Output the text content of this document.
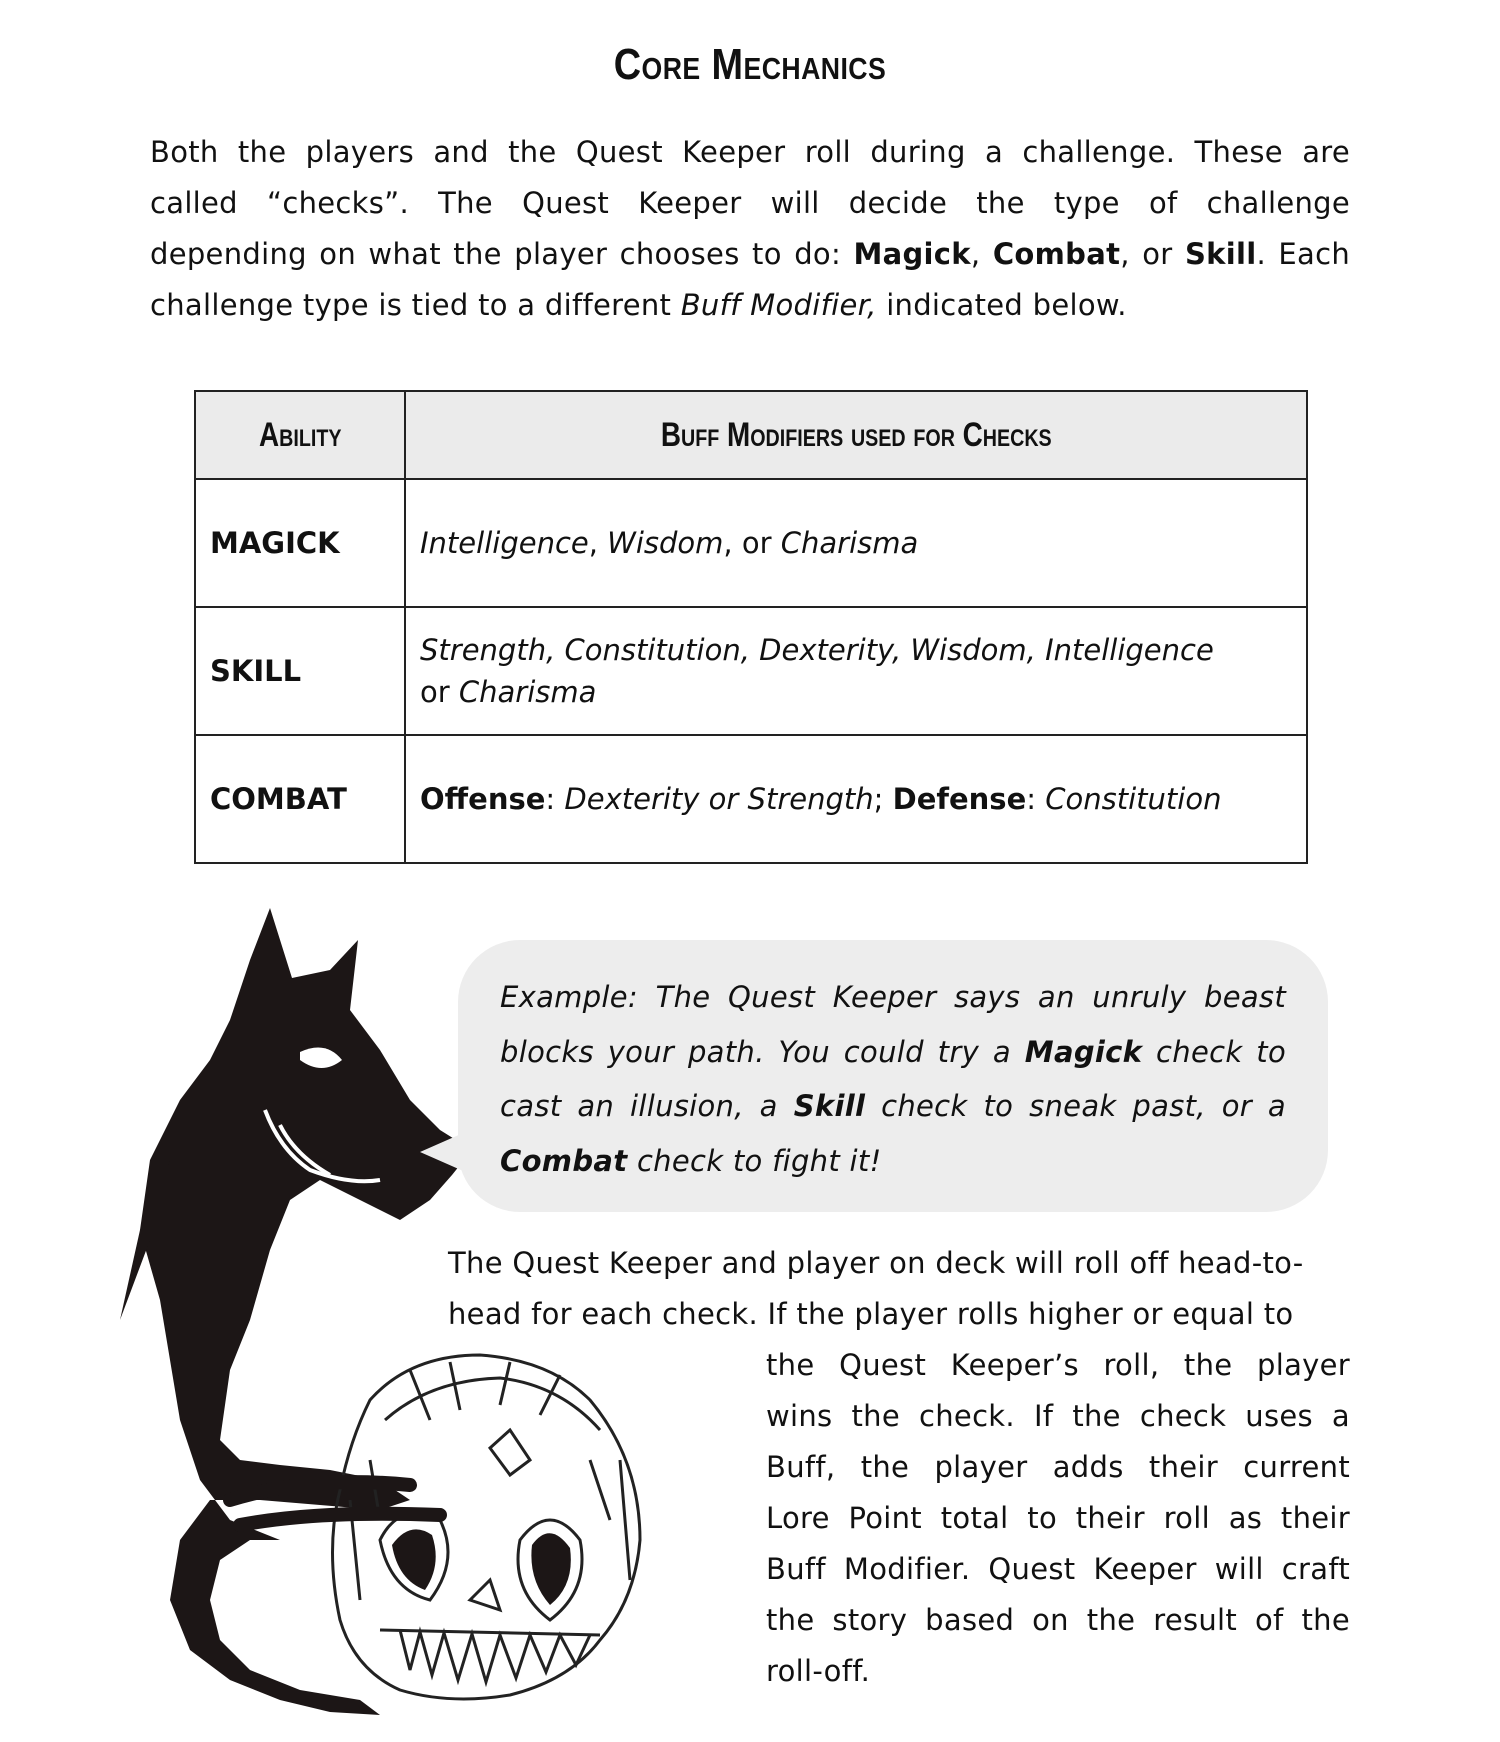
Core Mechanics
Both the players and the Quest Keeper roll during a challenge. These are
called “checks”. The Quest Keeper will decide the type of challenge
depending on what the player chooses to do: Magick, Combat, or Skill. Each
challenge type is tied to a different Buff Modifier, indicated below.
Ability	Buff Modifiers used for Checks
MAGICK	Intelligence, Wisdom, or Charisma
SKILL	Strength, Constitution, Dexterity, Wisdom, Intelligence
or Charisma
COMBAT	Offense: Dexterity or Strength; Defense: Constitution
Example: The Quest Keeper says an unruly beast
blocks your path. You could try a Magick check to
cast an illusion, a Skill check to sneak past, or a
Combat check to fight it!
The Quest Keeper and player on deck will roll off head-to-
head for each check. If the player rolls higher or equal to
the Quest Keeper’s roll, the player
wins the check. If the check uses a
Buff, the player adds their current
Lore Point total to their roll as their
Buff Modifier. Quest Keeper will craft
the story based on the result of the
roll-off.
